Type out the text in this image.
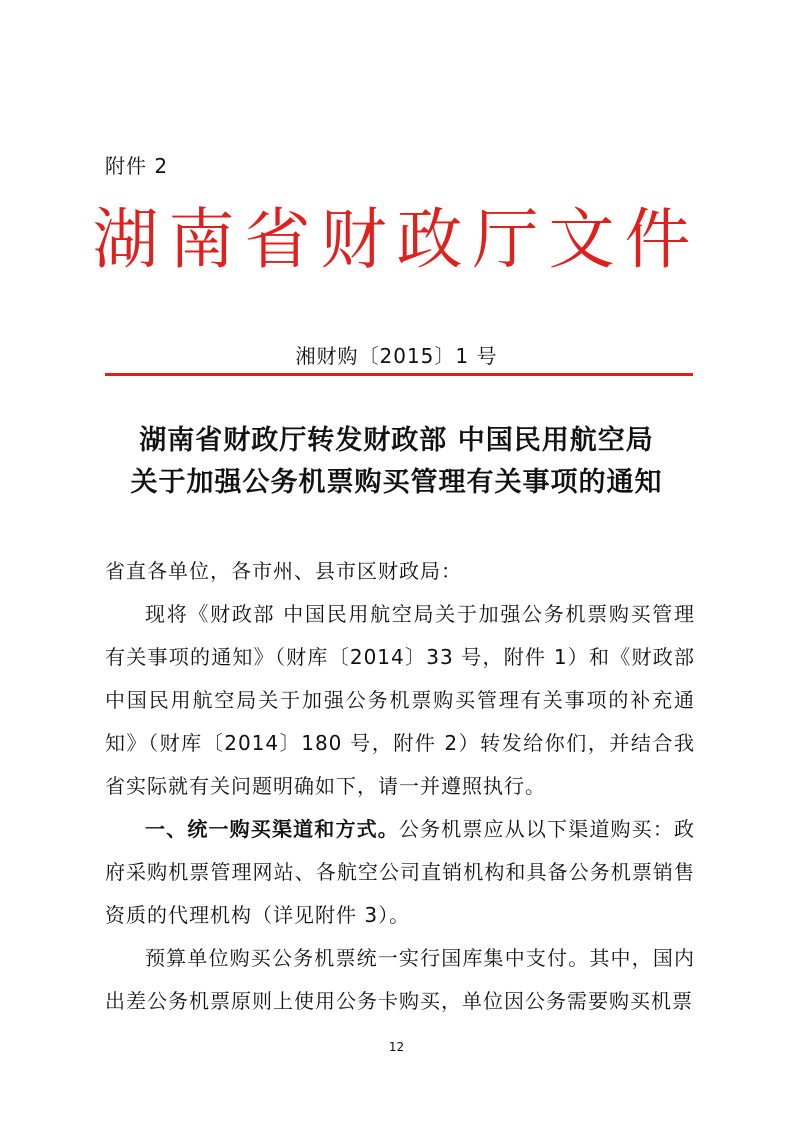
附件 2
湖南省财政厅文件
湘财购〔2015〕1 号
湖南省财政厅转发财政部 中国民用航空局
关于加强公务机票购买管理有关事项的通知

省直各单位，各市州、县市区财政局：

现将《财政部 中国民用航空局关于加强公务机票购买管理有关事项的通知》（财库〔2014〕33 号，附件 1）和《财政部 中国民用航空局关于加强公务机票购买管理有关事项的补充通知》（财库〔2014〕180 号，附件 2）转发给你们，并结合我省实际就有关问题明确如下，请一并遵照执行。

一、统一购买渠道和方式。公务机票应从以下渠道购买：政府采购机票管理网站、各航空公司直销机构和具备公务机票销售资质的代理机构（详见附件 3）。

预算单位购买公务机票统一实行国库集中支付。其中，国内出差公务机票原则上使用公务卡购买，单位因公务需要购买机票

12
